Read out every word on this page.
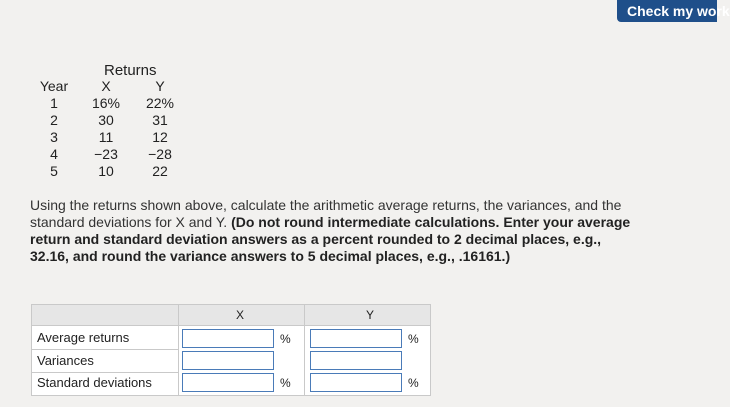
Check my work
Returns
Year
1
2
3
4
5
X
16%
30
11
−23
10
Y
22%
31
12
−28
22
Using the returns shown above, calculate the arithmetic average returns, the variances, and the standard deviations for X and Y. (Do not round intermediate calculations. Enter your average return and standard deviation answers as a percent rounded to 2 decimal places, e.g., 32.16, and round the variance answers to 5 decimal places, e.g., .16161.)
X	Y
Average returns
Variances
Standard deviations
%
%
%
%
